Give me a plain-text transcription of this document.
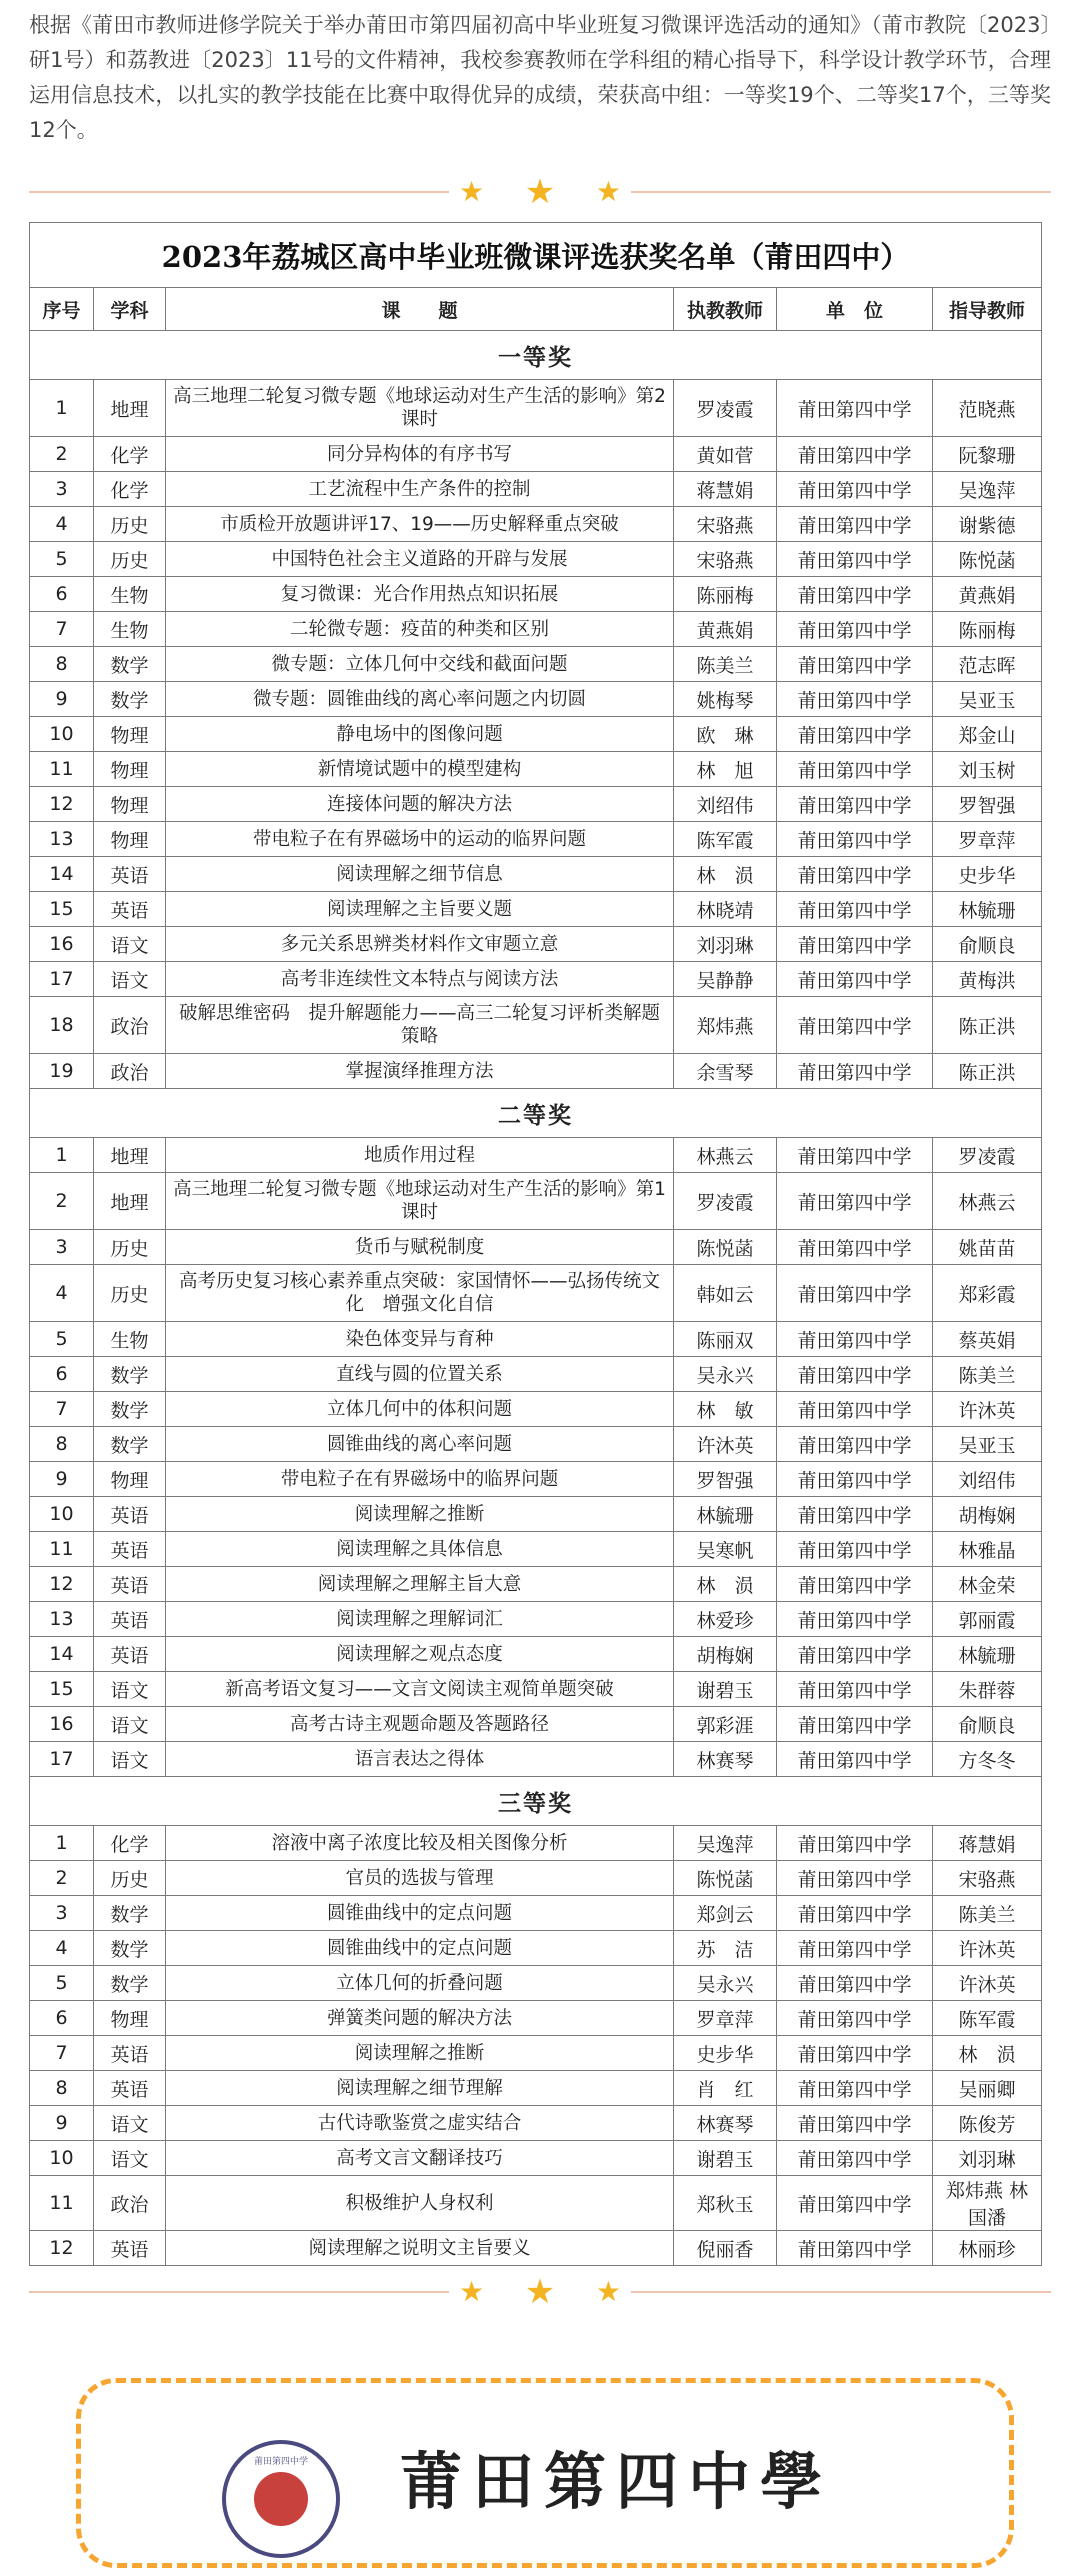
根据《莆田市教师进修学院关于举办莆田市第四届初高中毕业班复习微课评选活动的通知》（莆市教院〔2023〕研1号）和荔教进〔2023〕11号的文件精神，我校参赛教师在学科组的精心指导下，科学设计教学环节，合理运用信息技术，以扎实的教学技能在比赛中取得优异的成绩，荣获高中组：一等奖19个、二等奖17个，三等奖12个。

★ ★ ★
2023年荔城区高中毕业班微课评选获奖名单（莆田四中）					
序号	学科	课　　题	执教教师	单　位	指导教师
一等奖					
1	地理	高三地理二轮复习微专题《地球运动对生产生活的影响》第2课时	罗凌霞	莆田第四中学	范晓燕
2	化学	同分异构体的有序书写	黄如菅	莆田第四中学	阮黎珊
3	化学	工艺流程中生产条件的控制	蒋慧娟	莆田第四中学	吴逸萍
4	历史	市质检开放题讲评17、19——历史解释重点突破	宋骆燕	莆田第四中学	谢紫德
5	历史	中国特色社会主义道路的开辟与发展	宋骆燕	莆田第四中学	陈悦菡
6	生物	复习微课：光合作用热点知识拓展	陈丽梅	莆田第四中学	黄燕娟
7	生物	二轮微专题：疫苗的种类和区别	黄燕娟	莆田第四中学	陈丽梅
8	数学	微专题：立体几何中交线和截面问题	陈美兰	莆田第四中学	范志晖
9	数学	微专题：圆锥曲线的离心率问题之内切圆	姚梅琴	莆田第四中学	吴亚玉
10	物理	静电场中的图像问题	欧　琳	莆田第四中学	郑金山
11	物理	新情境试题中的模型建构	林　旭	莆田第四中学	刘玉树
12	物理	连接体问题的解决方法	刘绍伟	莆田第四中学	罗智强
13	物理	带电粒子在有界磁场中的运动的临界问题	陈军霞	莆田第四中学	罗章萍
14	英语	阅读理解之细节信息	林　涢	莆田第四中学	史步华
15	英语	阅读理解之主旨要义题	林晓靖	莆田第四中学	林毓珊
16	语文	多元关系思辨类材料作文审题立意	刘羽琳	莆田第四中学	俞顺良
17	语文	高考非连续性文本特点与阅读方法	吴静静	莆田第四中学	黄梅洪
18	政治	破解思维密码　提升解题能力——高三二轮复习评析类解题策略	郑炜燕	莆田第四中学	陈正洪
19	政治	掌握演绎推理方法	余雪琴	莆田第四中学	陈正洪
二等奖					
1	地理	地质作用过程	林燕云	莆田第四中学	罗凌霞
2	地理	高三地理二轮复习微专题《地球运动对生产生活的影响》第1课时	罗凌霞	莆田第四中学	林燕云
3	历史	货币与赋税制度	陈悦菡	莆田第四中学	姚苗苗
4	历史	高考历史复习核心素养重点突破：家国情怀——弘扬传统文化　增强文化自信	韩如云	莆田第四中学	郑彩霞
5	生物	染色体变异与育种	陈丽双	莆田第四中学	蔡英娟
6	数学	直线与圆的位置关系	吴永兴	莆田第四中学	陈美兰
7	数学	立体几何中的体积问题	林　敏	莆田第四中学	许沐英
8	数学	圆锥曲线的离心率问题	许沐英	莆田第四中学	吴亚玉
9	物理	带电粒子在有界磁场中的临界问题	罗智强	莆田第四中学	刘绍伟
10	英语	阅读理解之推断	林毓珊	莆田第四中学	胡梅娴
11	英语	阅读理解之具体信息	吴寒帆	莆田第四中学	林雅晶
12	英语	阅读理解之理解主旨大意	林　涢	莆田第四中学	林金荣
13	英语	阅读理解之理解词汇	林爱珍	莆田第四中学	郭丽霞
14	英语	阅读理解之观点态度	胡梅娴	莆田第四中学	林毓珊
15	语文	新高考语文复习——文言文阅读主观简单题突破	谢碧玉	莆田第四中学	朱群蓉
16	语文	高考古诗主观题命题及答题路径	郭彩涯	莆田第四中学	俞顺良
17	语文	语言表达之得体	林赛琴	莆田第四中学	方冬冬
三等奖					
1	化学	溶液中离子浓度比较及相关图像分析	吴逸萍	莆田第四中学	蒋慧娟
2	历史	官员的选拔与管理	陈悦菡	莆田第四中学	宋骆燕
3	数学	圆锥曲线中的定点问题	郑剑云	莆田第四中学	陈美兰
4	数学	圆锥曲线中的定点问题	苏　洁	莆田第四中学	许沐英
5	数学	立体几何的折叠问题	吴永兴	莆田第四中学	许沐英
6	物理	弹簧类问题的解决方法	罗章萍	莆田第四中学	陈军霞
7	英语	阅读理解之推断	史步华	莆田第四中学	林　涢
8	英语	阅读理解之细节理解	肖　红	莆田第四中学	吴丽卿
9	语文	古代诗歌鉴赏之虚实结合	林赛琴	莆田第四中学	陈俊芳
10	语文	高考文言文翻译技巧	谢碧玉	莆田第四中学	刘羽琳
11	政治	积极维护人身权利	郑秋玉	莆田第四中学	郑炜燕 林国潘
12	英语	阅读理解之说明文主旨要义	倪丽香	莆田第四中学	林丽珍
★ ★ ★
莆田第四中学 莆田第四中學
